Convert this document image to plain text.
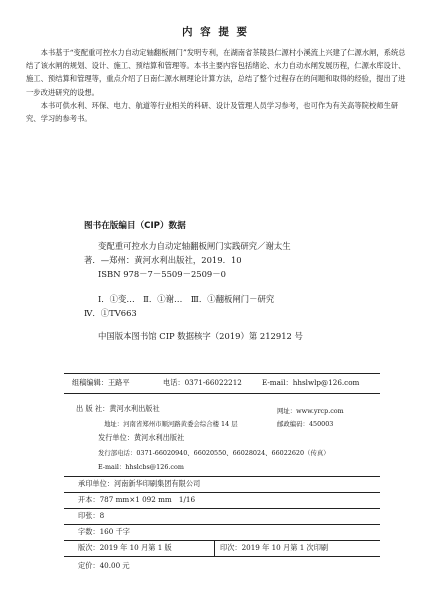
内 容 提 要

本书基于“变配重可控水力自动定轴翻板闸门”发明专利，在湖南省茶陵县仁源村小溪流上兴建了仁源水闸，系统总结了该水闸的规划、设计、施工、预结算和管理等。本书主要内容包括绪论、水力自动水闸发展历程，仁源水库设计、施工、预结算和管理等，重点介绍了日南仁源水闸理论计算方法，总结了整个过程存在的问题和取得的经验，提出了进一步改进研究的设想。

本书可供水利、环保、电力、航道等行业相关的科研、设计及管理人员学习参考，也可作为有关高等院校师生研究、学习的参考书。

图书在版编目（CIP）数据
变配重可控水力自动定轴翻板闸门实践研究／谢太生
著．—郑州：黄河水利出版社，2019．10
ISBN 978－7－5509－2509－0
Ⅰ．①变…　Ⅱ．①谢…　Ⅲ．①翻板闸门－研究
Ⅳ．①TV663
中国版本图书馆 CIP 数据核字（2019）第 212912 号
组稿编辑：王路平	电话：0371-66022212	E-mail：hhslwlp@126.com
出 版 社：黄河水利出版社	网址：www.yrcp.com
地址：河南省郑州市顺河路黄委会综合楼 14 层	邮政编码：450003
发行单位：黄河水利出版社
发行部电话：0371-66020940、66020550、66028024、66022620（传真）
E-mail：hhslcbs@126.com
承印单位：河南新华印刷集团有限公司
开本：787 mm×1 092 mm　1/16
印张：8
字数：160 千字
版次：2019 年 10 月第 1 版	印次：2019 年 10 月第 1 次印刷
定价：40.00 元
